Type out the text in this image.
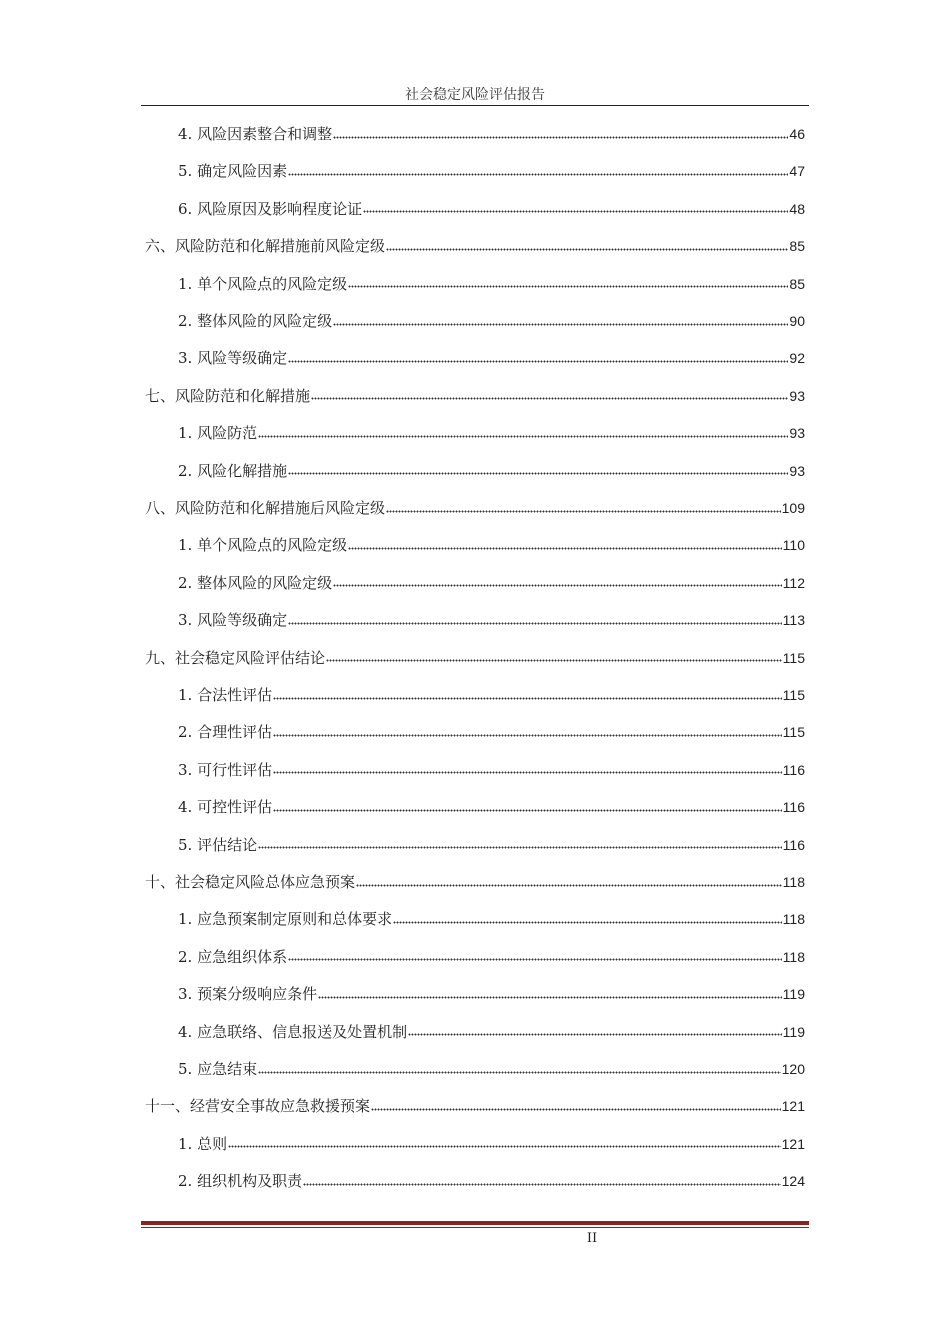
社会稳定风险评估报告
4. 风险因素整合和调整	46
5. 确定风险因素	47
6. 风险原因及影响程度论证	48
六、风险防范和化解措施前风险定级	85
1. 单个风险点的风险定级	85
2. 整体风险的风险定级	90
3. 风险等级确定	92
七、风险防范和化解措施	93
1. 风险防范	93
2. 风险化解措施	93
八、风险防范和化解措施后风险定级	109
1. 单个风险点的风险定级	110
2. 整体风险的风险定级	112
3. 风险等级确定	113
九、社会稳定风险评估结论	115
1. 合法性评估	115
2. 合理性评估	115
3. 可行性评估	116
4. 可控性评估	116
5. 评估结论	116
十、社会稳定风险总体应急预案	118
1. 应急预案制定原则和总体要求	118
2. 应急组织体系	118
3. 预案分级响应条件	119
4. 应急联络、信息报送及处置机制	119
5. 应急结束	120
十一、经营安全事故应急救援预案	121
1. 总则	121
2. 组织机构及职责	124
II
